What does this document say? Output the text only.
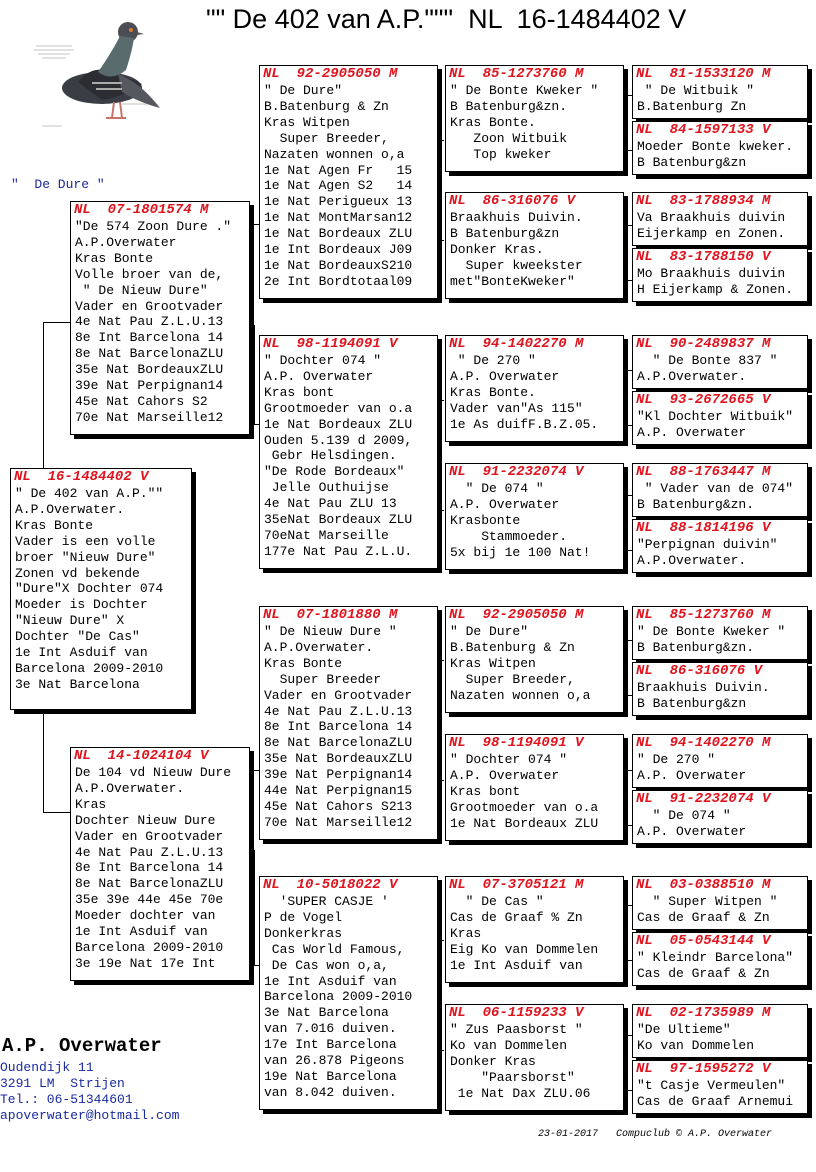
"" De 402 van A.P."""  NL  16-1484402 V
"  De Dure "
NL  16-1484402 V
" De 402 van A.P.""
A.P.Overwater.
Kras Bonte
Vader is een volle
broer "Nieuw Dure"
Zonen vd bekende
"Dure"X Dochter 074
Moeder is Dochter
"Nieuw Dure" X
Dochter "De Cas"
1e Int Asduif van
Barcelona 2009-2010
3e Nat Barcelona
NL  07-1801574 M
"De 574 Zoon Dure ."
A.P.Overwater
Kras Bonte
Volle broer van de,
" De Nieuw Dure"
Vader en Grootvader
4e Nat Pau Z.L.U.13
8e Int Barcelona 14
8e Nat BarcelonaZLU
35e Nat BordeauxZLU
39e Nat Perpignan14
45e Nat Cahors S2
70e Nat Marseille12
NL  14-1024104 V
De 104 vd Nieuw Dure
A.P.Overwater.
Kras
Dochter Nieuw Dure
Vader en Grootvader
4e Nat Pau Z.L.U.13
8e Int Barcelona 14
8e Nat BarcelonaZLU
35e 39e 44e 45e 70e
Moeder dochter van
1e Int Asduif van
Barcelona 2009-2010
3e 19e Nat 17e Int
NL  92-2905050 M
" De Dure"
B.Batenburg & Zn
Kras Witpen
Super Breeder,
Nazaten wonnen o,a
1e Nat Agen Fr   15
1e Nat Agen S2   14
1e Nat Perigueux 13
1e Nat MontMarsan12
1e Nat Bordeaux ZLU
1e Int Bordeaux J09
1e Nat BordeauxS210
2e Int Bordtotaal09
NL  98-1194091 V
" Dochter 074 "
A.P. Overwater
Kras bont
Grootmoeder van o.a
1e Nat Bordeaux ZLU
Ouden 5.139 d 2009,
Gebr Helsdingen.
"De Rode Bordeaux"
Jelle Outhuijse
4e Nat Pau ZLU 13
35eNat Bordeaux ZLU
70eNat Marseille
177e Nat Pau Z.L.U.
NL  07-1801880 M
" De Nieuw Dure "
A.P.Overwater.
Kras Bonte
Super Breeder
Vader en Grootvader
4e Nat Pau Z.L.U.13
8e Int Barcelona 14
8e Nat BarcelonaZLU
35e Nat BordeauxZLU
39e Nat Perpignan14
44e Nat Perpignan15
45e Nat Cahors S213
70e Nat Marseille12
NL  10-5018022 V
'SUPER CASJE '
P de Vogel
Donkerkras
Cas World Famous,
De Cas won o,a,
1e Int Asduif van
Barcelona 2009-2010
3e Nat Barcelona
van 7.016 duiven.
17e Int Barcelona
van 26.878 Pigeons
19e Nat Barcelona
van 8.042 duiven.
NL  85-1273760 M
" De Bonte Kweker "
B Batenburg&zn.
Kras Bonte.
Zoon Witbuik
Top kweker
NL  86-316076 V
Braakhuis Duivin.
B Batenburg&zn
Donker Kras.
Super kweekster
met"BonteKweker"
NL  94-1402270 M
" De 270 "
A.P. Overwater
Kras Bonte.
Vader van"As 115"
1e As duifF.B.Z.05.
NL  91-2232074 V
" De 074 "
A.P. Overwater
Krasbonte
Stammoeder.
5x bij 1e 100 Nat!
NL  92-2905050 M
" De Dure"
B.Batenburg & Zn
Kras Witpen
Super Breeder,
Nazaten wonnen o,a
NL  98-1194091 V
" Dochter 074 "
A.P. Overwater
Kras bont
Grootmoeder van o.a
1e Nat Bordeaux ZLU
NL  07-3705121 M
" De Cas "
Cas de Graaf % Zn
Kras
Eig Ko van Dommelen
1e Int Asduif van
NL  06-1159233 V
" Zus Paasborst "
Ko van Dommelen
Donker Kras
"Paarsborst"
1e Nat Dax ZLU.06
NL  81-1533120 M
" De Witbuik "
B.Batenburg Zn
NL  84-1597133 V
Moeder Bonte kweker.
B Batenburg&zn
NL  83-1788934 M
Va Braakhuis duivin
Eijerkamp en Zonen.
NL  83-1788150 V
Mo Braakhuis duivin
H Eijerkamp & Zonen.
NL  90-2489837 M
" De Bonte 837 "
A.P.Overwater.
NL  93-2672665 V
"Kl Dochter Witbuik"
A.P. Overwater
NL  88-1763447 M
" Vader van de 074"
B Batenburg&zn.
NL  88-1814196 V
"Perpignan duivin"
A.P.Overwater.
NL  85-1273760 M
" De Bonte Kweker "
B Batenburg&zn.
NL  86-316076 V
Braakhuis Duivin.
B Batenburg&zn
NL  94-1402270 M
" De 270 "
A.P. Overwater
NL  91-2232074 V
" De 074 "
A.P. Overwater
NL  03-0388510 M
" Super Witpen "
Cas de Graaf & Zn
NL  05-0543144 V
" Kleindr Barcelona"
Cas de Graaf & Zn
NL  02-1735989 M
"De Ultieme"
Ko van Dommelen
NL  97-1595272 V
"t Casje Vermeulen"
Cas de Graaf Arnemui
A.P. Overwater
Oudendijk 11
3291 LM  Strijen
Tel.: 06-51344601
apoverwater@hotmail.com
23-01-2017   Compuclub © A.P. Overwater
